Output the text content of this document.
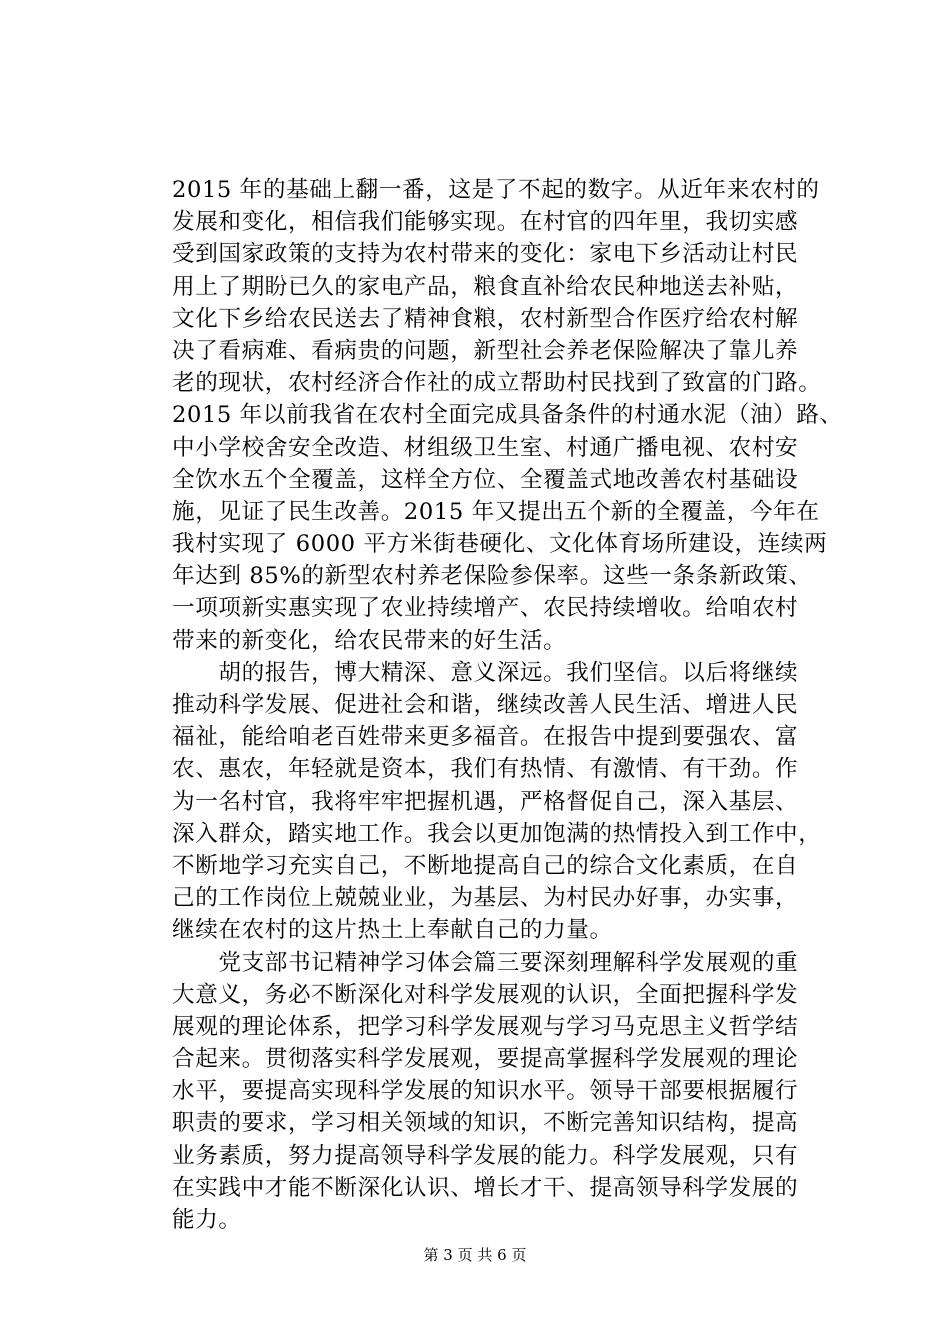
2015 年的基础上翻一番，这是了不起的数字。从近年来农村的
发展和变化，相信我们能够实现。在村官的四年里，我切实感
受到国家政策的支持为农村带来的变化：家电下乡活动让村民
用上了期盼已久的家电产品，粮食直补给农民种地送去补贴，
文化下乡给农民送去了精神食粮，农村新型合作医疗给农村解
决了看病难、看病贵的问题，新型社会养老保险解决了靠儿养
老的现状，农村经济合作社的成立帮助村民找到了致富的门路。
2015 年以前我省在农村全面完成具备条件的村通水泥（油）路、
中小学校舍安全改造、材组级卫生室、村通广播电视、农村安
全饮水五个全覆盖，这样全方位、全覆盖式地改善农村基础设
施，见证了民生改善。2015 年又提出五个新的全覆盖，今年在
我村实现了 6000 平方米街巷硬化、文化体育场所建设，连续两
年达到 85%的新型农村养老保险参保率。这些一条条新政策、
一项项新实惠实现了农业持续增产、农民持续增收。给咱农村
带来的新变化，给农民带来的好生活。
　　胡的报告，博大精深、意义深远。我们坚信。以后将继续
推动科学发展、促进社会和谐，继续改善人民生活、增进人民
福祉，能给咱老百姓带来更多福音。在报告中提到要强农、富
农、惠农，年轻就是资本，我们有热情、有激情、有干劲。作
为一名村官，我将牢牢把握机遇，严格督促自己，深入基层、
深入群众，踏实地工作。我会以更加饱满的热情投入到工作中，
不断地学习充实自己，不断地提高自己的综合文化素质，在自
己的工作岗位上兢兢业业，为基层、为村民办好事，办实事，
继续在农村的这片热土上奉献自己的力量。
　　党支部书记精神学习体会篇三要深刻理解科学发展观的重
大意义，务必不断深化对科学发展观的认识，全面把握科学发
展观的理论体系，把学习科学发展观与学习马克思主义哲学结
合起来。贯彻落实科学发展观，要提高掌握科学发展观的理论
水平，要提高实现科学发展的知识水平。领导干部要根据履行
职责的要求，学习相关领域的知识，不断完善知识结构，提高
业务素质，努力提高领导科学发展的能力。科学发展观，只有
在实践中才能不断深化认识、增长才干、提高领导科学发展的
能力。
第 3 页 共 6 页
